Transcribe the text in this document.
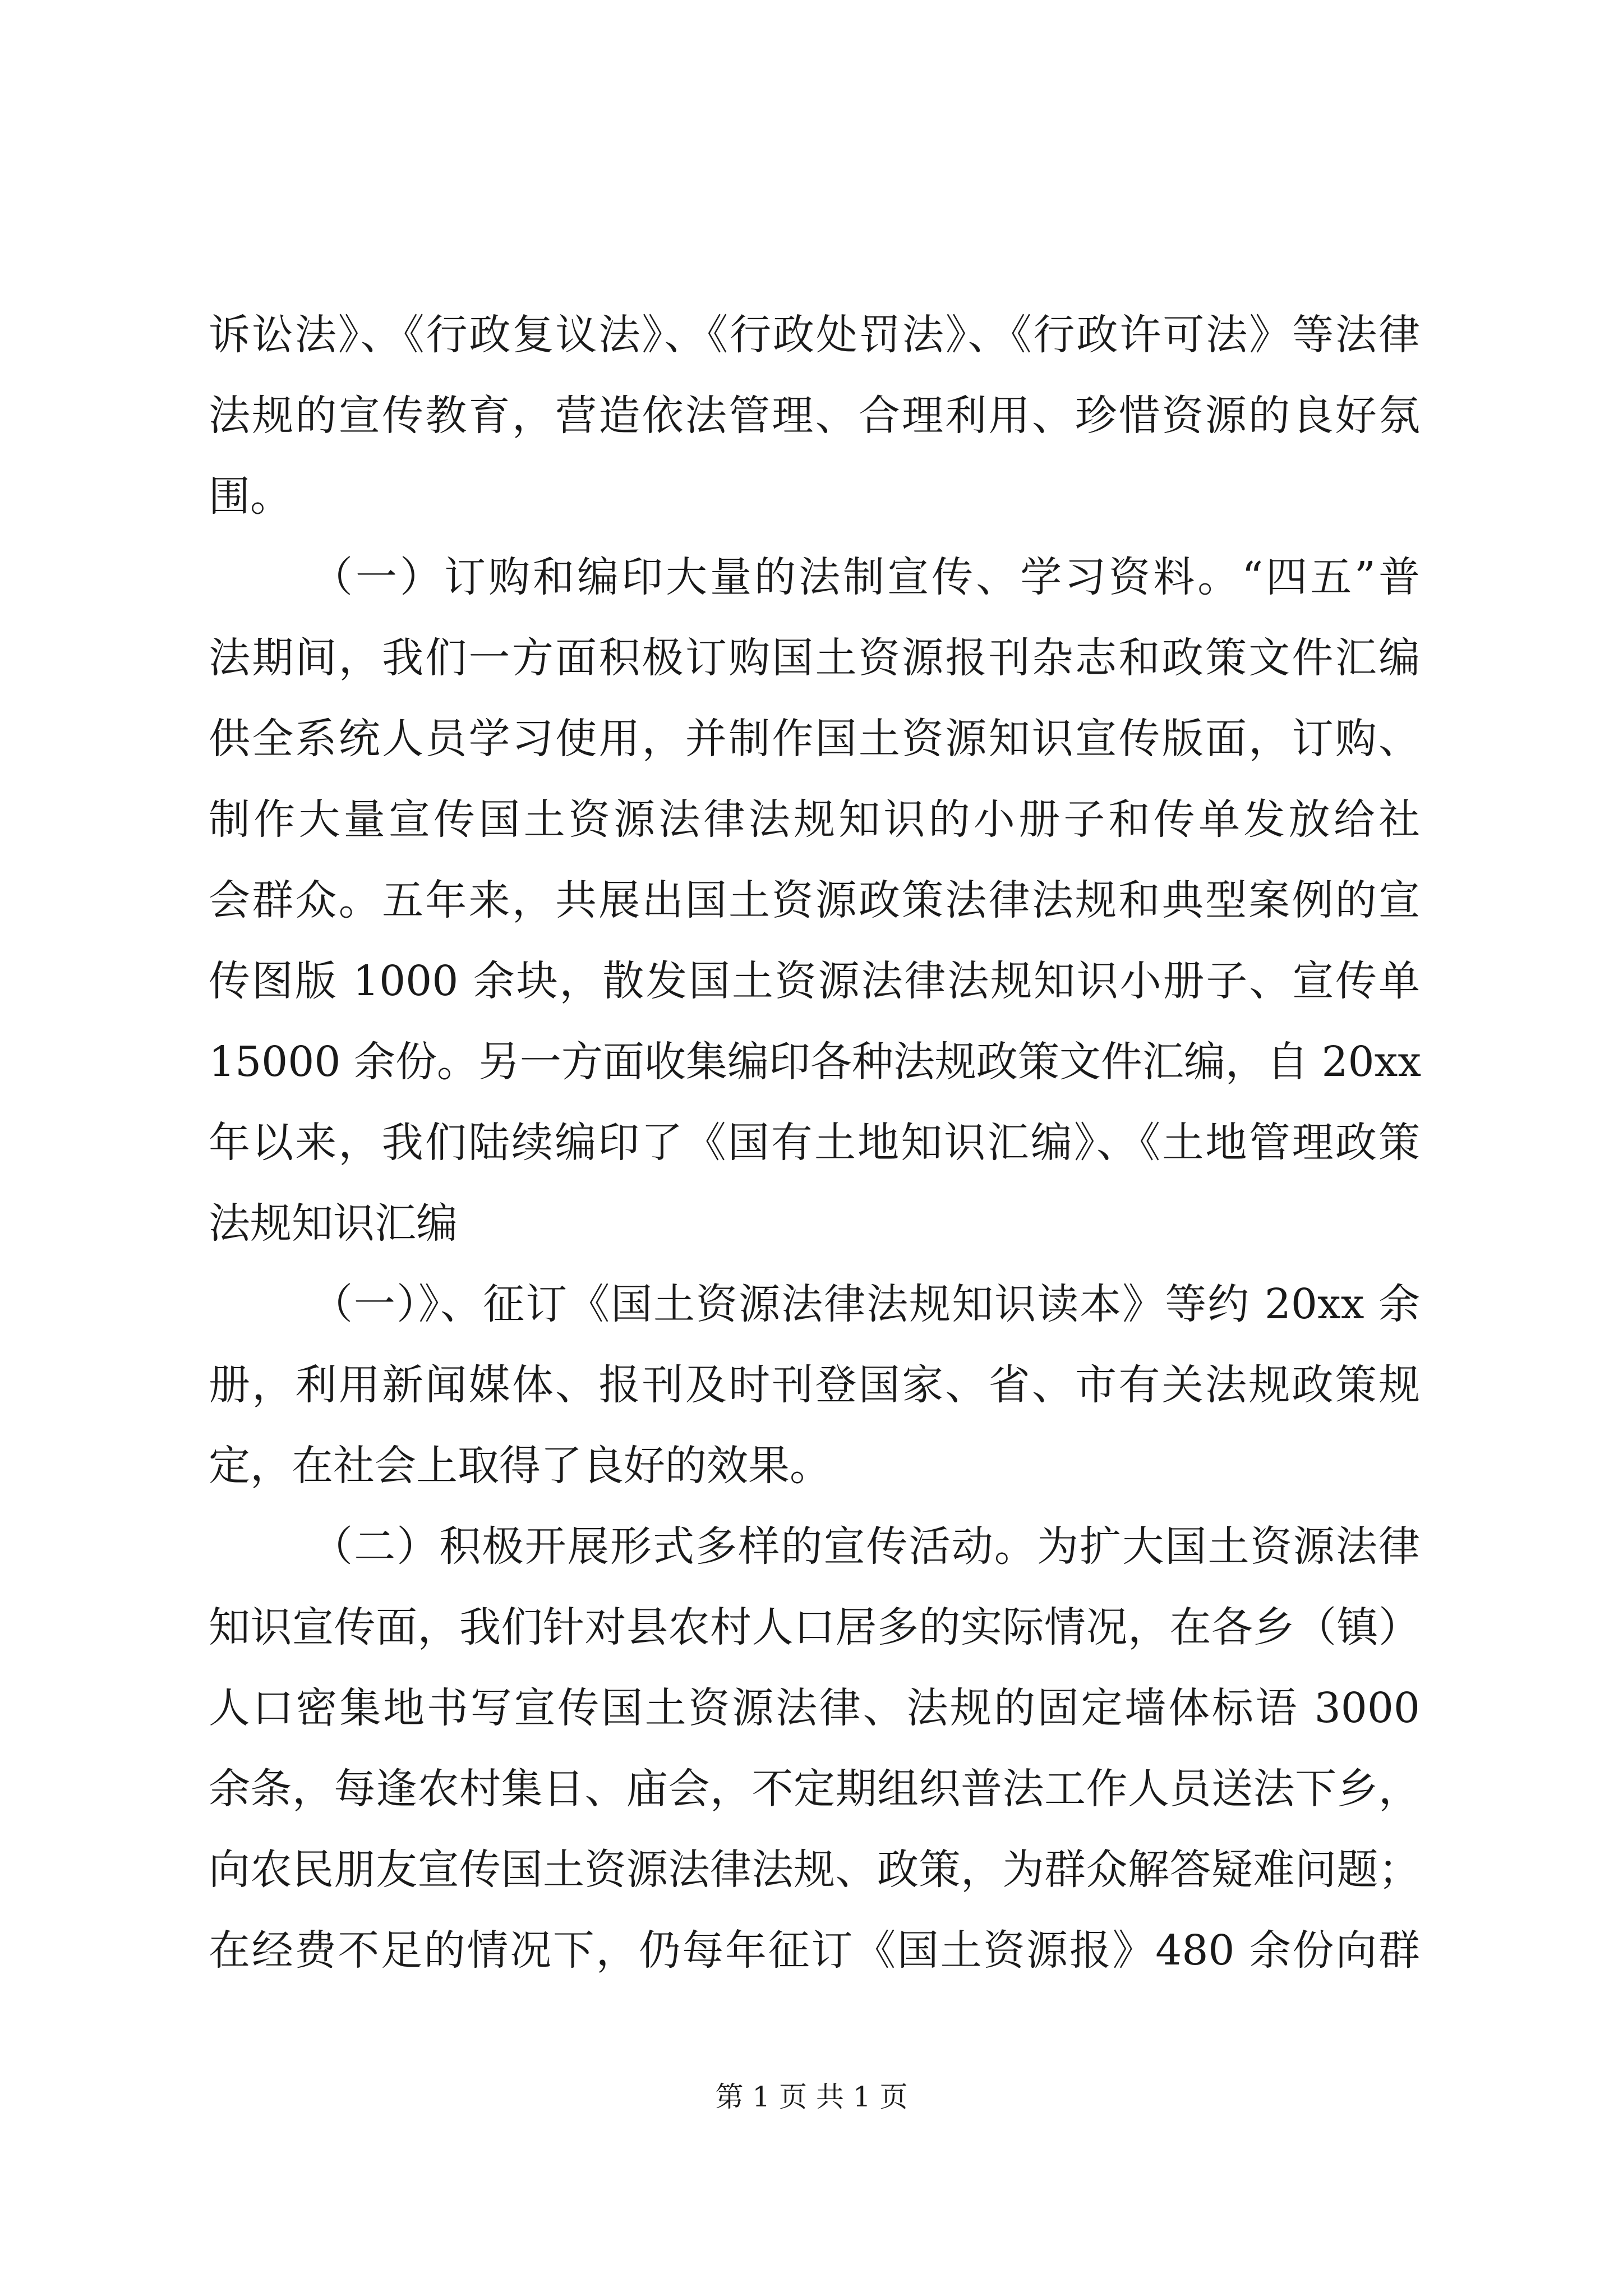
诉讼法》、《行政复议法》、《行政处罚法》、《行政许可法》等法律
法规的宣传教育，营造依法管理、合理利用、珍惜资源的良好氛
围。
（一）订购和编印大量的法制宣传、学习资料。“四五”普
法期间，我们一方面积极订购国土资源报刊杂志和政策文件汇编
供全系统人员学习使用，并制作国土资源知识宣传版面，订购、
制作大量宣传国土资源法律法规知识的小册子和传单发放给社
会群众。五年来，共展出国土资源政策法律法规和典型案例的宣
传图版 1000 余块，散发国土资源法律法规知识小册子、宣传单
15000 余份。另一方面收集编印各种法规政策文件汇编，自 20xx
年以来，我们陆续编印了《国有土地知识汇编》、《土地管理政策
法规知识汇编
（一）》、征订《国土资源法律法规知识读本》等约 20xx 余
册，利用新闻媒体、报刊及时刊登国家、省、市有关法规政策规
定，在社会上取得了良好的效果。
（二）积极开展形式多样的宣传活动。为扩大国土资源法律
知识宣传面，我们针对县农村人口居多的实际情况，在各乡（镇）
人口密集地书写宣传国土资源法律、法规的固定墙体标语 3000
余条，每逢农村集日、庙会，不定期组织普法工作人员送法下乡，
向农民朋友宣传国土资源法律法规、政策，为群众解答疑难问题；
在经费不足的情况下，仍每年征订《国土资源报》480 余份向群
第 1 页 共 1 页
